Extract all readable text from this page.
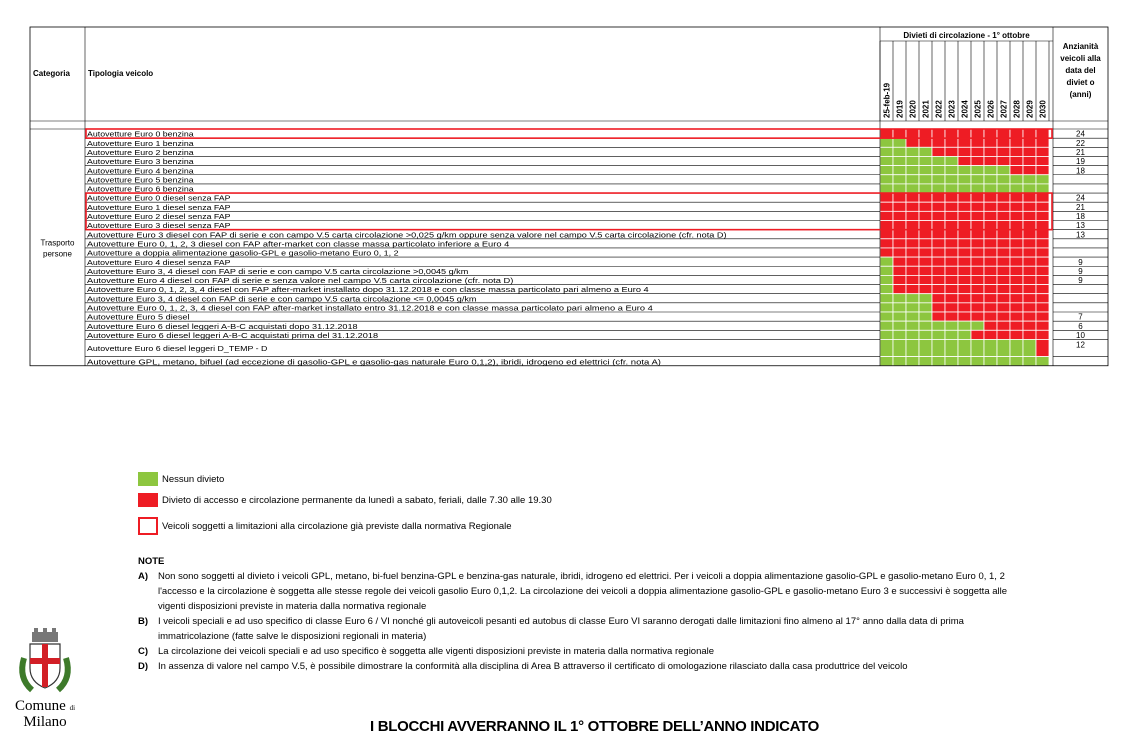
Categoria Tipologia veicolo
Divieti di circolazione - 1° ottobre
Anzianità
veicoli alla
data del
diviet o
(anni)
25-feb-19 2019 2020 2021 2022 2023 2024 2025 2026 2027 2028 2029 2030
Trasporto
persone
Autovetture Euro 0 benzina	24
Autovetture Euro 1 benzina	22
Autovetture Euro 2 benzina	21
Autovetture Euro 3 benzina	19
Autovetture Euro 4 benzina	18
Autovetture Euro 5 benzina
Autovetture Euro 6 benzina
Autovetture Euro 0 diesel senza FAP	24
Autovetture Euro 1 diesel senza FAP	21
Autovetture Euro 2 diesel senza FAP	18
Autovetture Euro 3 diesel senza FAP	13
Autovetture Euro 3 diesel con FAP di serie e con campo V.5 carta circolazione >0,025 g/km oppure senza valore nel campo V.5 carta circolazione (cfr. nota D)	13
Autovetture Euro 0, 1, 2, 3 diesel con FAP after-market con classe massa particolato inferiore a Euro 4
Autovetture a doppia alimentazione gasolio-GPL e gasolio-metano Euro 0, 1, 2
Autovetture Euro 4 diesel senza FAP	9
Autovetture Euro 3, 4 diesel con FAP di serie e con campo V.5 carta circolazione >0,0045 g/km	9
Autovetture Euro 4 diesel con FAP di serie e senza valore nel campo V.5 carta circolazione (cfr. nota D)	9
Autovetture Euro 0, 1, 2, 3, 4 diesel con FAP after-market installato dopo 31.12.2018 e con classe massa particolato pari almeno a Euro 4
Autovetture Euro 3, 4 diesel con FAP di serie e con campo V.5 carta circolazione <= 0,0045 g/km
Autovetture Euro 0, 1, 2, 3, 4 diesel con FAP after-market installato entro 31.12.2018 e con classe massa particolato pari almeno a Euro 4
Autovetture Euro 5 diesel	7
Autovetture Euro 6 diesel leggeri A-B-C acquistati dopo 31.12.2018	6
Autovetture Euro 6 diesel leggeri A-B-C acquistati prima del 31.12.2018	10
Autovetture Euro 6 diesel leggeri D_TEMP - D	12
Autovetture GPL, metano, bifuel (ad eccezione di gasolio-GPL e gasolio-gas naturale Euro 0,1,2), ibridi, idrogeno ed elettrici (cfr. nota A)
Nessun divieto
Divieto di accesso e circolazione permanente da lunedì a sabato, feriali, dalle 7.30 alle 19.30
Veicoli soggetti a limitazioni alla circolazione già previste dalla normativa Regionale
NOTE
A) Non sono soggetti al divieto i veicoli GPL, metano, bi-fuel benzina-GPL e benzina-gas naturale, ibridi, idrogeno ed elettrici. Per i veicoli a doppia alimentazione gasolio-GPL e gasolio-metano Euro 0, 1, 2 l'accesso e la circolazione è soggetta alle stesse regole dei veicoli gasolio Euro 0,1,2. La circolazione dei veicoli a doppia alimentazione gasolio-GPL e gasolio-metano Euro 3 e successivi è soggetta alle vigenti disposizioni previste in materia dalla normativa regionale
B) I veicoli speciali e ad uso specifico di classe Euro 6 / VI nonché gli autoveicoli pesanti ed autobus di classe Euro VI saranno derogati dalle limitazioni fino almeno al 17° anno dalla data di prima immatricolazione (fatte salve le disposizioni regionali in materia)
C) La circolazione dei veicoli speciali e ad uso specifico è soggetta alle vigenti disposizioni previste in materia dalla normativa regionale
D) In assenza di valore nel campo V.5, è possibile dimostrare la conformità alla disciplina di Area B attraverso il certificato di omologazione rilasciato dalla casa produttrice del veicolo
Comune di
Milano	I BLOCCHI AVVERRANNO IL 1° OTTOBRE DELL’ANNO INDICATO
